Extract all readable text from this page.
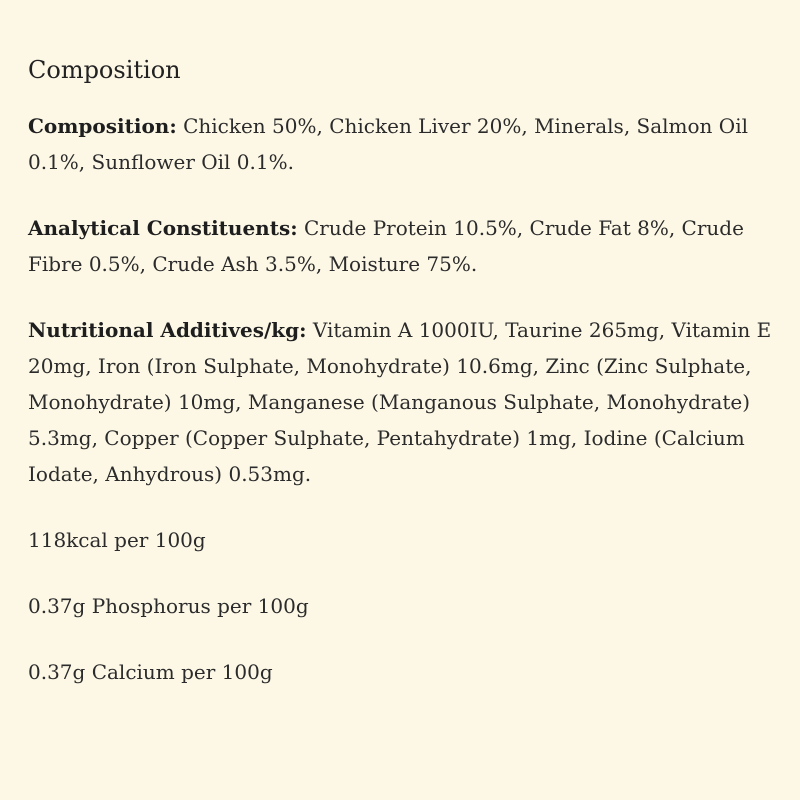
Composition

Composition: Chicken 50%, Chicken Liver 20%, Minerals, Salmon Oil 0.1%, Sunflower Oil 0.1%.

Analytical Constituents: Crude Protein 10.5%, Crude Fat 8%, Crude Fibre 0.5%, Crude Ash 3.5%, Moisture 75%.

Nutritional Additives/kg: Vitamin A 1000IU, Taurine 265mg, Vitamin E 20mg, Iron (Iron Sulphate, Monohydrate) 10.6mg, Zinc (Zinc Sulphate, Monohydrate) 10mg, Manganese (Manganous Sulphate, Monohydrate) 5.3mg, Copper (Copper Sulphate, Pentahydrate) 1mg, Iodine (Calcium Iodate, Anhydrous) 0.53mg.

118kcal per 100g

0.37g Phosphorus per 100g

0.37g Calcium per 100g
